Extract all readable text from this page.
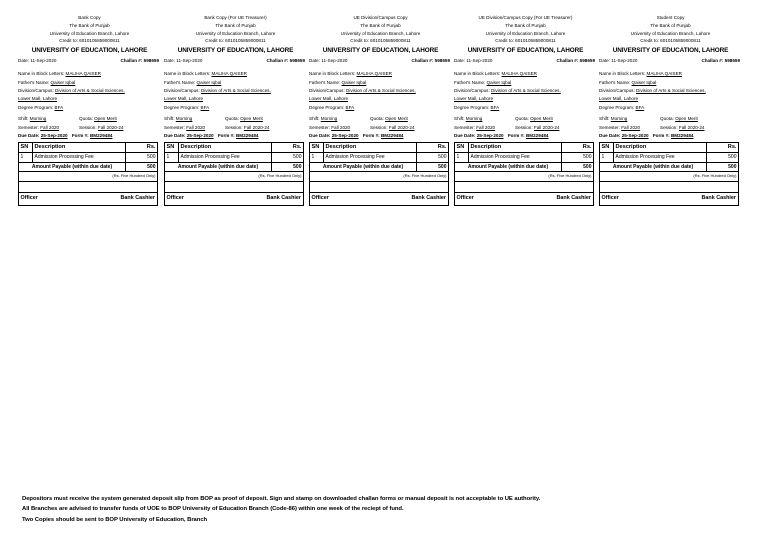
Bank Copy
The Bank of Punjab
University of Education Branch, Lahore
Credit to: 6010105859000811
UNIVERSITY OF EDUCATION, LAHORE
Date: 11-Sep-2020	Challan #: 598659
Name in Block Letters: MALIHA QAISER
Father's Name: Qaiser Iqbal
Division/Campus: Division of Arts & Social Sciences,
Lower Mall, Lahore
Degree Program: BFA
Shift: Morning	Quota: Open Merit
Semester: Fall 2020	Session: Fall 2020-24
Due Date: 25-Sep-2020 Form #: BM229484
SN	Description	Rs.
1	Admission Processing Fee	500
Amount Payable (within due date)		500
(Rs. Five Hundred Only)		

Officer Bank Cashier		
Bank Copy (For UE Treasurer)
The Bank of Punjab
University of Education Branch, Lahore
Credit to: 6010105859000811
UNIVERSITY OF EDUCATION, LAHORE
Date: 11-Sep-2020	Challan #: 598659
Name in Block Letters: MALIHA QAISER
Father's Name: Qaiser Iqbal
Division/Campus: Division of Arts & Social Sciences,
Lower Mall, Lahore
Degree Program: BFA
Shift: Morning	Quota: Open Merit
Semester: Fall 2020	Session: Fall 2020-24
Due Date: 25-Sep-2020 Form #: BM229484
SN	Description	Rs.
1	Admission Processing Fee	500
Amount Payable (within due date)		500
(Rs. Five Hundred Only)		

Officer Bank Cashier		
UE Division/Campus Copy
The Bank of Punjab
University of Education Branch, Lahore
Credit to: 6010105859000811
UNIVERSITY OF EDUCATION, LAHORE
Date: 11-Sep-2020	Challan #: 598659
Name in Block Letters: MALIHA QAISER
Father's Name: Qaiser Iqbal
Division/Campus: Division of Arts & Social Sciences,
Lower Mall, Lahore
Degree Program: BFA
Shift: Morning	Quota: Open Merit
Semester: Fall 2020	Session: Fall 2020-24
Due Date: 25-Sep-2020 Form #: BM229484
SN	Description	Rs.
1	Admission Processing Fee	500
Amount Payable (within due date)		500
(Rs. Five Hundred Only)		

Officer Bank Cashier		
UE Division/Campus Copy (For UE Treasurer)
The Bank of Punjab
University of Education Branch, Lahore
Credit to: 6010105859000811
UNIVERSITY OF EDUCATION, LAHORE
Date: 11-Sep-2020	Challan #: 598659
Name in Block Letters: MALIHA QAISER
Father's Name: Qaiser Iqbal
Division/Campus: Division of Arts & Social Sciences,
Lower Mall, Lahore
Degree Program: BFA
Shift: Morning	Quota: Open Merit
Semester: Fall 2020	Session: Fall 2020-24
Due Date: 25-Sep-2020 Form #: BM229484
SN	Description	Rs.
1	Admission Processing Fee	500
Amount Payable (within due date)		500
(Rs. Five Hundred Only)		

Officer Bank Cashier		
Student Copy
The Bank of Punjab
University of Education Branch, Lahore
Credit to: 6010105859000811
UNIVERSITY OF EDUCATION, LAHORE
Date: 11-Sep-2020	Challan #: 598659
Name in Block Letters: MALIHA QAISER
Father's Name: Qaiser Iqbal
Division/Campus: Division of Arts & Social Sciences,
Lower Mall, Lahore
Degree Program: BFA
Shift: Morning	Quota: Open Merit
Semester: Fall 2020	Session: Fall 2020-24
Due Date: 25-Sep-2020 Form #: BM229484
SN	Description	Rs.
1	Admission Processing Fee	500
Amount Payable (within due date)		500
(Rs. Five Hundred Only)		

Officer Bank Cashier		
Depositors must receive the system generated deposit slip from BOP as proof of deposit. Sign and stamp on downloaded challan forms or manual deposit is not acceptable to UE authority.
All Branches are advised to transfer funds of UOE to BOP University of Education Branch (Code-86) within one week of the reciept of fund.
Two Copies should be sent to BOP University of Education, Branch
